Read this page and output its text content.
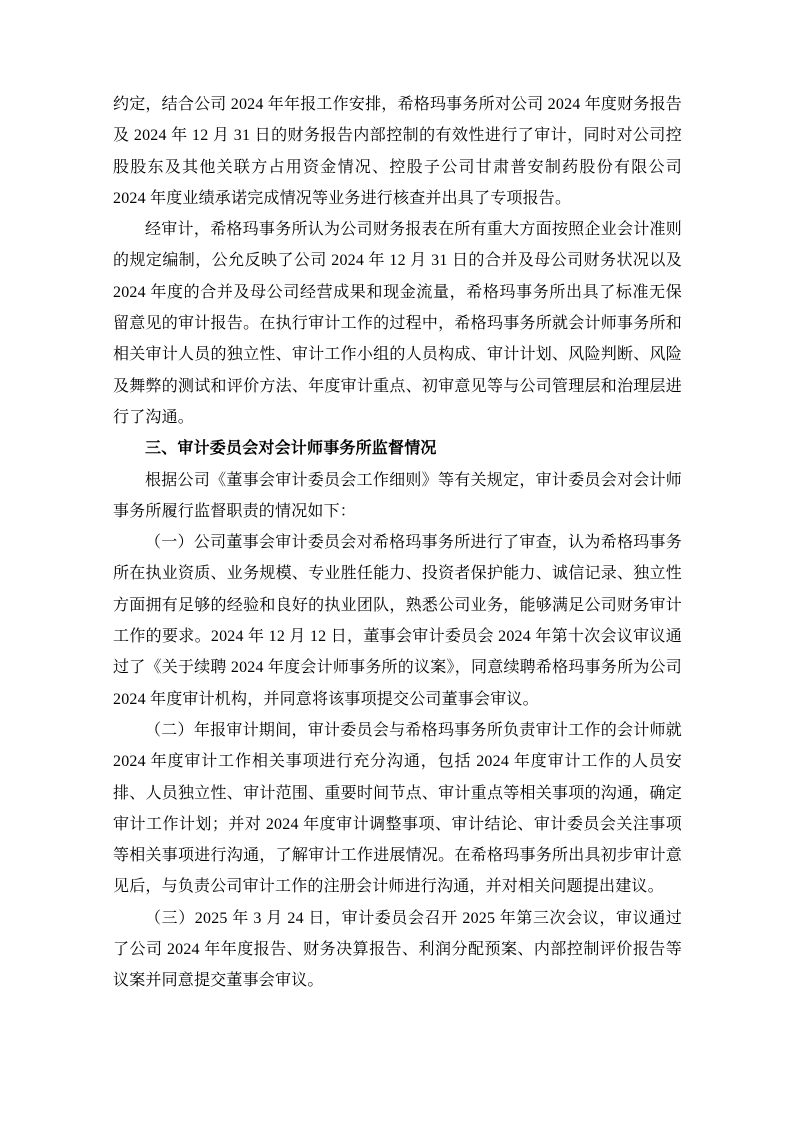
约定，结合公司 2024 年年报工作安排，希格玛事务所对公司 2024 年度财务报告及 2024 年 12 月 31 日的财务报告内部控制的有效性进行了审计，同时对公司控股股东及其他关联方占用资金情况、控股子公司甘肃普安制药股份有限公司 2024 年度业绩承诺完成情况等业务进行核查并出具了专项报告。

经审计，希格玛事务所认为公司财务报表在所有重大方面按照企业会计准则的规定编制，公允反映了公司 2024 年 12 月 31 日的合并及母公司财务状况以及 2024 年度的合并及母公司经营成果和现金流量，希格玛事务所出具了标准无保留意见的审计报告。在执行审计工作的过程中，希格玛事务所就会计师事务所和相关审计人员的独立性、审计工作小组的人员构成、审计计划、风险判断、风险及舞弊的测试和评价方法、年度审计重点、初审意见等与公司管理层和治理层进行了沟通。

三、审计委员会对会计师事务所监督情况

根据公司《董事会审计委员会工作细则》等有关规定，审计委员会对会计师事务所履行监督职责的情况如下：

（一）公司董事会审计委员会对希格玛事务所进行了审查，认为希格玛事务所在执业资质、业务规模、专业胜任能力、投资者保护能力、诚信记录、独立性方面拥有足够的经验和良好的执业团队，熟悉公司业务，能够满足公司财务审计工作的要求。2024 年 12 月 12 日，董事会审计委员会 2024 年第十次会议审议通过了《关于续聘 2024 年度会计师事务所的议案》，同意续聘希格玛事务所为公司 2024 年度审计机构，并同意将该事项提交公司董事会审议。

（二）年报审计期间，审计委员会与希格玛事务所负责审计工作的会计师就 2024 年度审计工作相关事项进行充分沟通，包括 2024 年度审计工作的人员安排、人员独立性、审计范围、重要时间节点、审计重点等相关事项的沟通，确定审计工作计划；并对 2024 年度审计调整事项、审计结论、审计委员会关注事项等相关事项进行沟通，了解审计工作进展情况。在希格玛事务所出具初步审计意见后，与负责公司审计工作的注册会计师进行沟通，并对相关问题提出建议。

（三）2025 年 3 月 24 日，审计委员会召开 2025 年第三次会议，审议通过了公司 2024 年年度报告、财务决算报告、利润分配预案、内部控制评价报告等议案并同意提交董事会审议。
